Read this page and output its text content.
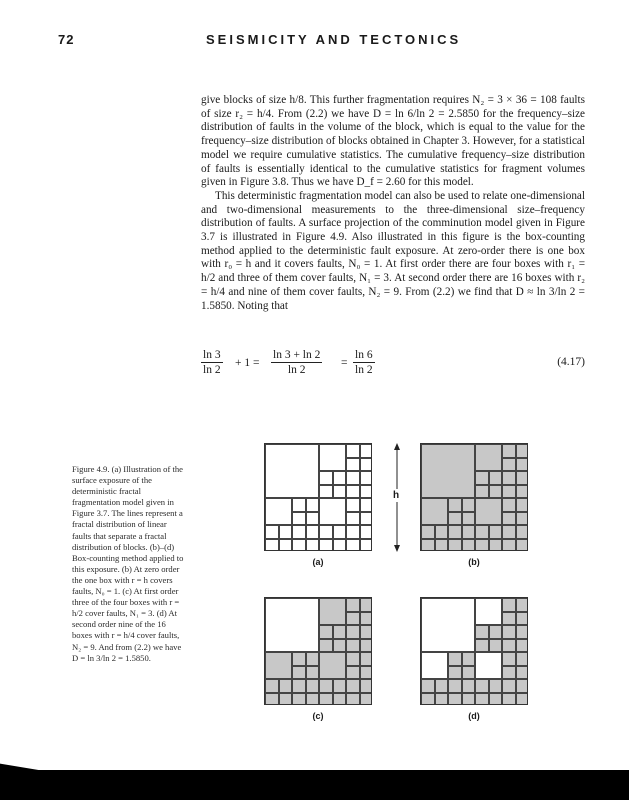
72	SEISMICITY AND TECTONICS

give blocks of size h/8. This further fragmentation requires N₂ = 3 × 36 = 108 faults of size r₂ = h/4. From (2.2) we have D = ln 6/ln 2 = 2.5850 for the frequency–size distribution of faults in the volume of the block, which is equal to the value for the frequency–size distribution of blocks obtained in Chapter 3. However, for a statistical model we require cumulative statistics. The cumulative frequency–size distribution of faults is essentially identical to the cumulative statistics for fragment volumes given in Figure 3.8. Thus we have D_f = 2.60 for this model.

This deterministic fragmentation model can also be used to relate one-dimensional and two-dimensional measurements to the three-dimensional size–frequency distribution of faults. A surface projection of the comminution model given in Figure 3.7 is illustrated in Figure 4.9. Also illustrated in this figure is the box-counting method applied to the deterministic fault exposure. At zero-order there is one box with r₀ = h and it covers faults, N₀ = 1. At first order there are four boxes with r₁ = h/2 and three of them cover faults, N₁ = 3. At second order there are 16 boxes with r₂ = h/4 and nine of them cover faults, N₂ = 9. From (2.2) we find that D ≈ ln 3/ln 2 = 1.5850. Noting that

$\frac{\ln 3}{\ln 2} + 1 = \frac{\ln 3 + \ln 2}{\ln 2} = \frac{\ln 6}{\ln 2}$	(4.17)
Figure 4.9. (a) Illustration of the surface exposure of the deterministic fractal fragmentation model given in Figure 3.7. The lines represent a fractal distribution of linear faults that separate a fractal distribution of blocks. (b)–(d) Box-counting method applied to this exposure. (b) At zero order the one box with r = h covers faults, N₀ = 1. (c) At first order three of the four boxes with r = h/2 cover faults, N₁ = 3. (d) At second order nine of the 16 boxes with r = h/4 cover faults, N₂ = 9. And from (2.2) we have D = ln 3/ln 2 = 1.5850.
h
(a)	(b)
(c)	(d)
